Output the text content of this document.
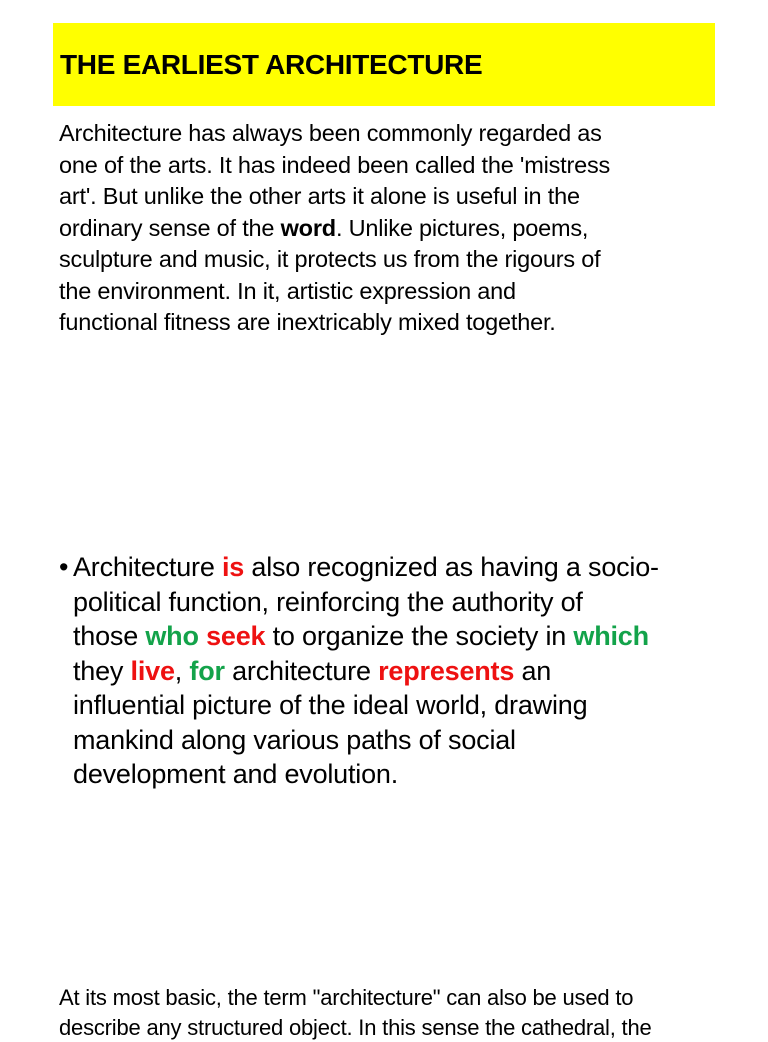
THE EARLIEST ARCHITECTURE

Architecture has always been commonly regarded as
one of the arts. It has indeed been called the 'mistress
art'. But unlike the other arts it alone is useful in the
ordinary sense of the word. Unlike pictures, poems,
sculpture and music, it protects us from the rigours of
the environment. In it, artistic expression and
functional fitness are inextricably mixed together.

• Architecture is also recognized as having a socio-
political function, reinforcing the authority of
those who seek to organize the society in which
they live, for architecture represents an
influential picture of the ideal world, drawing
mankind along various paths of social
development and evolution.

At its most basic, the term "architecture" can also be used to
describe any structured object. In this sense the cathedral, the
